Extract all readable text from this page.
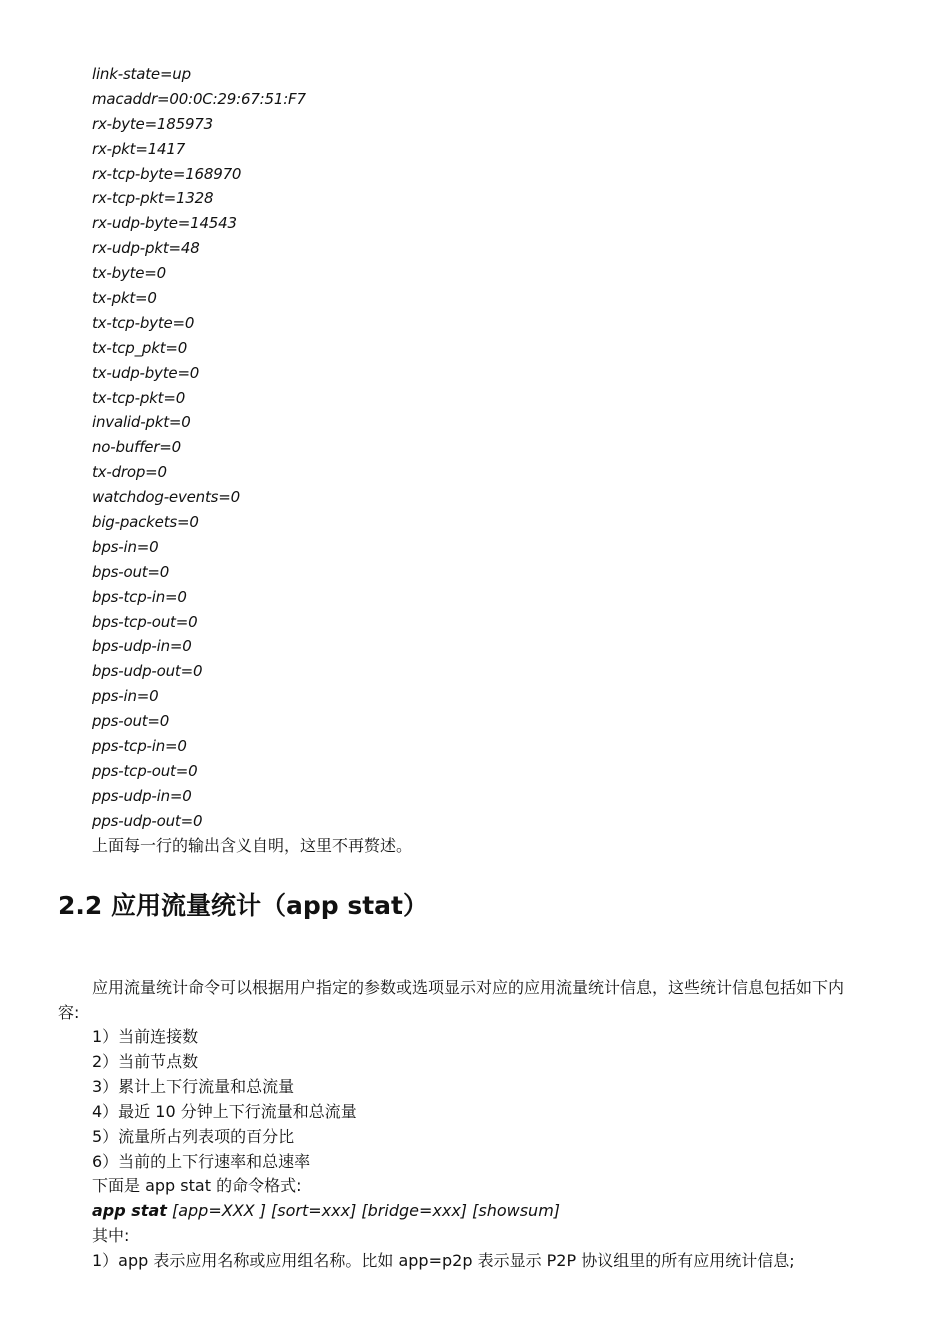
link-state=up
macaddr=00:0C:29:67:51:F7
rx-byte=185973
rx-pkt=1417
rx-tcp-byte=168970
rx-tcp-pkt=1328
rx-udp-byte=14543
rx-udp-pkt=48
tx-byte=0
tx-pkt=0
tx-tcp-byte=0
tx-tcp_pkt=0
tx-udp-byte=0
tx-tcp-pkt=0
invalid-pkt=0
no-buffer=0
tx-drop=0
watchdog-events=0
big-packets=0
bps-in=0
bps-out=0
bps-tcp-in=0
bps-tcp-out=0
bps-udp-in=0
bps-udp-out=0
pps-in=0
pps-out=0
pps-tcp-in=0
pps-tcp-out=0
pps-udp-in=0
pps-udp-out=0
上面每一行的输出含义自明，这里不再赘述。
2.2 应用流量统计（app stat）
应用流量统计命令可以根据用户指定的参数或选项显示对应的应用流量统计信息，这些统计信息包括如下内
容:
1）当前连接数
2）当前节点数
3）累计上下行流量和总流量
4）最近 10 分钟上下行流量和总流量
5）流量所占列表项的百分比
6）当前的上下行速率和总速率
下面是 app stat 的命令格式:
app stat [app=XXX ] [sort=xxx] [bridge=xxx] [showsum]
其中:
1）app 表示应用名称或应用组名称。比如 app=p2p 表示显示 P2P 协议组里的所有应用统计信息;
